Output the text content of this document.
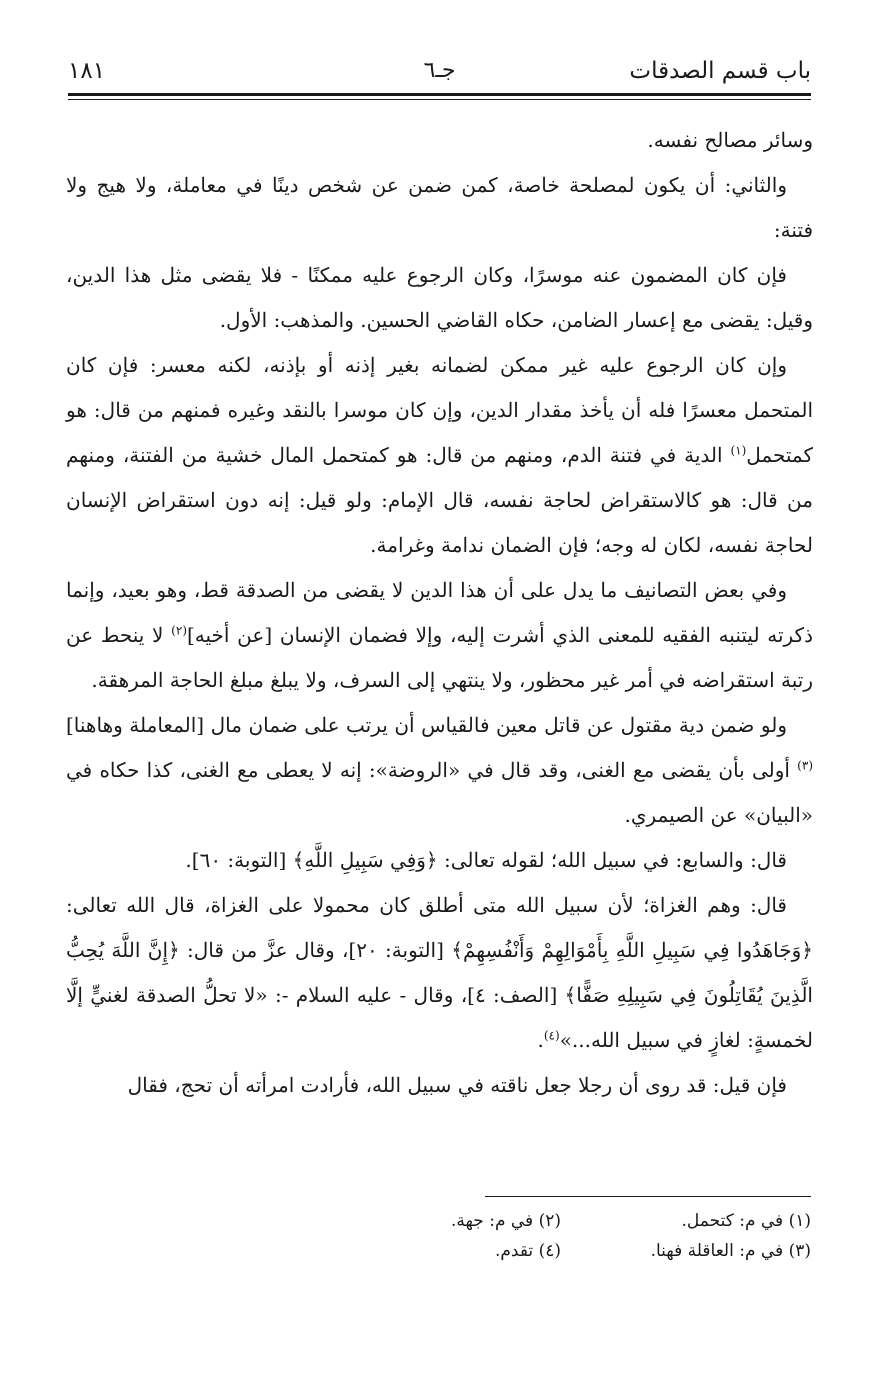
باب قسم الصدقات
جـ٦
١٨١

وسائر مصالح نفسه.

والثاني: أن يكون لمصلحة خاصة، كمن ضمن عن شخص دينًا في معاملة، ولا هيج ولا فتنة:

فإن كان المضمون عنه موسرًا، وكان الرجوع عليه ممكنًا - فلا يقضى مثل هذا الدين، وقيل: يقضى مع إعسار الضامن، حكاه القاضي الحسين. والمذهب: الأول.

وإن كان الرجوع عليه غير ممكن لضمانه بغير إذنه أو بإذنه، لكنه معسر: فإن كان المتحمل معسرًا فله أن يأخذ مقدار الدين، وإن كان موسرا بالنقد وغيره فمنهم من قال: هو كمتحمل$^{(١)}$ الدية في فتنة الدم، ومنهم من قال: هو كمتحمل المال خشية من الفتنة، ومنهم من قال: هو كالاستقراض لحاجة نفسه، قال الإمام: ولو قيل: إنه دون استقراض الإنسان لحاجة نفسه، لكان له وجه؛ فإن الضمان ندامة وغرامة.

وفي بعض التصانيف ما يدل على أن هذا الدين لا يقضى من الصدقة قط، وهو بعيد، وإنما ذكرته ليتنبه الفقيه للمعنى الذي أشرت إليه، وإلا فضمان الإنسان [عن أخيه]$^{(٢)}$ لا ينحط عن رتبة استقراضه في أمر غير محظور، ولا ينتهي إلى السرف، ولا يبلغ مبلغ الحاجة المرهقة.

ولو ضمن دية مقتول عن قاتل معين فالقياس أن يرتب على ضمان مال [المعاملة وهاهنا]$^{(٣)}$ أولى بأن يقضى مع الغنى، وقد قال في «الروضة»: إنه لا يعطى مع الغنى، كذا حكاه في «البيان» عن الصيمري.

قال: والسابع: في سبيل الله؛ لقوله تعالى: ﴿وَفِي سَبِيلِ اللَّهِ﴾ [التوبة: ٦٠].

قال: وهم الغزاة؛ لأن سبيل الله متى أطلق كان محمولا على الغزاة، قال الله تعالى: ﴿وَجَاهَدُوا فِي سَبِيلِ اللَّهِ بِأَمْوَالِهِمْ وَأَنْفُسِهِمْ﴾ [التوبة: ٢٠]، وقال عزَّ من قال: ﴿إِنَّ اللَّهَ يُحِبُّ الَّذِينَ يُقَاتِلُونَ فِي سَبِيلِهِ صَفًّا﴾ [الصف: ٤]، وقال - عليه السلام -: «لا تحلُّ الصدقة لغنيٍّ إلَّا لخمسةٍ: لغازٍ في سبيل الله...»$^{(٤)}$.

فإن قيل: قد روى أن رجلا جعل ناقته في سبيل الله، فأرادت امرأته أن تحج، فقال

(١) في م: كتحمل.
(٢) في م: جهة.
(٣) في م: العاقلة فهنا.
(٤) تقدم.
